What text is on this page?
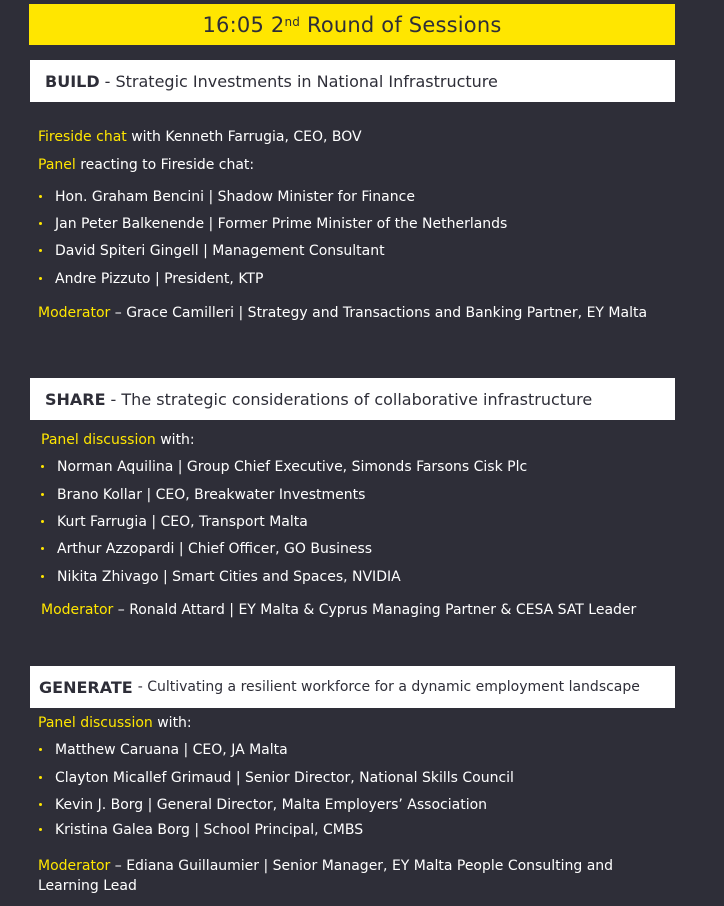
16:05 2nd Round of Sessions
BUILD - Strategic Investments in National Infrastructure
Fireside chat with Kenneth Farrugia, CEO, BOV
Panel reacting to Fireside chat:
Hon. Graham Bencini | Shadow Minister for Finance
Jan Peter Balkenende | Former Prime Minister of the Netherlands
David Spiteri Gingell | Management Consultant
Andre Pizzuto | President, KTP
Moderator – Grace Camilleri | Strategy and Transactions and Banking Partner, EY Malta
SHARE - The strategic considerations of collaborative infrastructure
Panel discussion with:
Norman Aquilina | Group Chief Executive, Simonds Farsons Cisk Plc
Brano Kollar | CEO, Breakwater Investments
Kurt Farrugia | CEO, Transport Malta
Arthur Azzopardi | Chief Officer, GO Business
Nikita Zhivago | Smart Cities and Spaces, NVIDIA
Moderator – Ronald Attard | EY Malta & Cyprus Managing Partner & CESA SAT Leader
GENERATE - Cultivating a resilient workforce for a dynamic employment landscape
Panel discussion with:
Matthew Caruana | CEO, JA Malta
Clayton Micallef Grimaud | Senior Director, National Skills Council
Kevin J. Borg | General Director, Malta Employers’ Association
Kristina Galea Borg | School Principal, CMBS
Moderator – Ediana Guillaumier | Senior Manager, EY Malta People Consulting and Learning Lead
